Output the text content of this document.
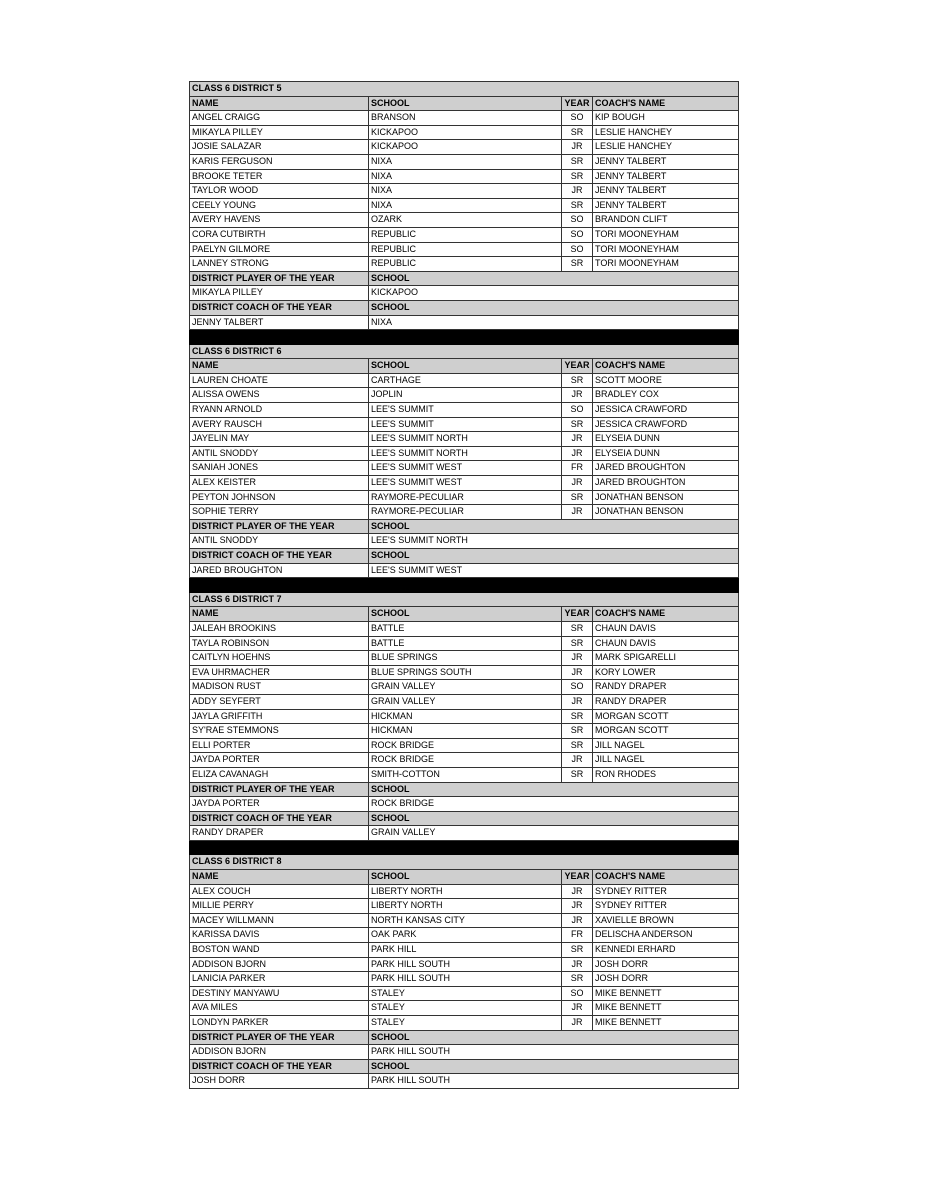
CLASS 6 DISTRICT 5			
NAME	SCHOOL	YEAR	COACH'S NAME
ANGEL CRAIGG	BRANSON	SO	KIP BOUGH
MIKAYLA PILLEY	KICKAPOO	SR	LESLIE HANCHEY
JOSIE SALAZAR	KICKAPOO	JR	LESLIE HANCHEY
KARIS FERGUSON	NIXA	SR	JENNY TALBERT
BROOKE TETER	NIXA	SR	JENNY TALBERT
TAYLOR WOOD	NIXA	JR	JENNY TALBERT
CEELY YOUNG	NIXA	SR	JENNY TALBERT
AVERY HAVENS	OZARK	SO	BRANDON CLIFT
CORA CUTBIRTH	REPUBLIC	SO	TORI MOONEYHAM
PAELYN GILMORE	REPUBLIC	SO	TORI MOONEYHAM
LANNEY STRONG	REPUBLIC	SR	TORI MOONEYHAM
DISTRICT PLAYER OF THE YEAR	SCHOOL		
MIKAYLA PILLEY	KICKAPOO		
DISTRICT COACH OF THE YEAR	SCHOOL		
JENNY TALBERT	NIXA		

CLASS 6 DISTRICT 6			
NAME	SCHOOL	YEAR	COACH'S NAME
LAUREN CHOATE	CARTHAGE	SR	SCOTT MOORE
ALISSA OWENS	JOPLIN	JR	BRADLEY COX
RYANN ARNOLD	LEE'S SUMMIT	SO	JESSICA CRAWFORD
AVERY RAUSCH	LEE'S SUMMIT	SR	JESSICA CRAWFORD
JAYELIN MAY	LEE'S SUMMIT NORTH	JR	ELYSEIA DUNN
ANTIL SNODDY	LEE'S SUMMIT NORTH	JR	ELYSEIA DUNN
SANIAH JONES	LEE'S SUMMIT WEST	FR	JARED BROUGHTON
ALEX KEISTER	LEE'S SUMMIT WEST	JR	JARED BROUGHTON
PEYTON JOHNSON	RAYMORE-PECULIAR	SR	JONATHAN BENSON
SOPHIE TERRY	RAYMORE-PECULIAR	JR	JONATHAN BENSON
DISTRICT PLAYER OF THE YEAR	SCHOOL		
ANTIL SNODDY	LEE'S SUMMIT NORTH		
DISTRICT COACH OF THE YEAR	SCHOOL		
JARED BROUGHTON	LEE'S SUMMIT WEST		

CLASS 6 DISTRICT 7			
NAME	SCHOOL	YEAR	COACH'S NAME
JALEAH BROOKINS	BATTLE	SR	CHAUN DAVIS
TAYLA ROBINSON	BATTLE	SR	CHAUN DAVIS
CAITLYN HOEHNS	BLUE SPRINGS	JR	MARK SPIGARELLI
EVA UHRMACHER	BLUE SPRINGS SOUTH	JR	KORY LOWER
MADISON RUST	GRAIN VALLEY	SO	RANDY DRAPER
ADDY SEYFERT	GRAIN VALLEY	JR	RANDY DRAPER
JAYLA GRIFFITH	HICKMAN	SR	MORGAN SCOTT
SY'RAE STEMMONS	HICKMAN	SR	MORGAN SCOTT
ELLI PORTER	ROCK BRIDGE	SR	JILL NAGEL
JAYDA PORTER	ROCK BRIDGE	JR	JILL NAGEL
ELIZA CAVANAGH	SMITH-COTTON	SR	RON RHODES
DISTRICT PLAYER OF THE YEAR	SCHOOL		
JAYDA PORTER	ROCK BRIDGE		
DISTRICT COACH OF THE YEAR	SCHOOL		
RANDY DRAPER	GRAIN VALLEY		

CLASS 6 DISTRICT 8			
NAME	SCHOOL	YEAR	COACH'S NAME
ALEX COUCH	LIBERTY NORTH	JR	SYDNEY RITTER
MILLIE PERRY	LIBERTY NORTH	JR	SYDNEY RITTER
MACEY WILLMANN	NORTH KANSAS CITY	JR	XAVIELLE BROWN
KARISSA DAVIS	OAK PARK	FR	DELISCHA ANDERSON
BOSTON WAND	PARK HILL	SR	KENNEDI ERHARD
ADDISON BJORN	PARK HILL SOUTH	JR	JOSH DORR
LANICIA PARKER	PARK HILL SOUTH	SR	JOSH DORR
DESTINY MANYAWU	STALEY	SO	MIKE BENNETT
AVA MILES	STALEY	JR	MIKE BENNETT
LONDYN PARKER	STALEY	JR	MIKE BENNETT
DISTRICT PLAYER OF THE YEAR	SCHOOL		
ADDISON BJORN	PARK HILL SOUTH		
DISTRICT COACH OF THE YEAR	SCHOOL		
JOSH DORR	PARK HILL SOUTH		
